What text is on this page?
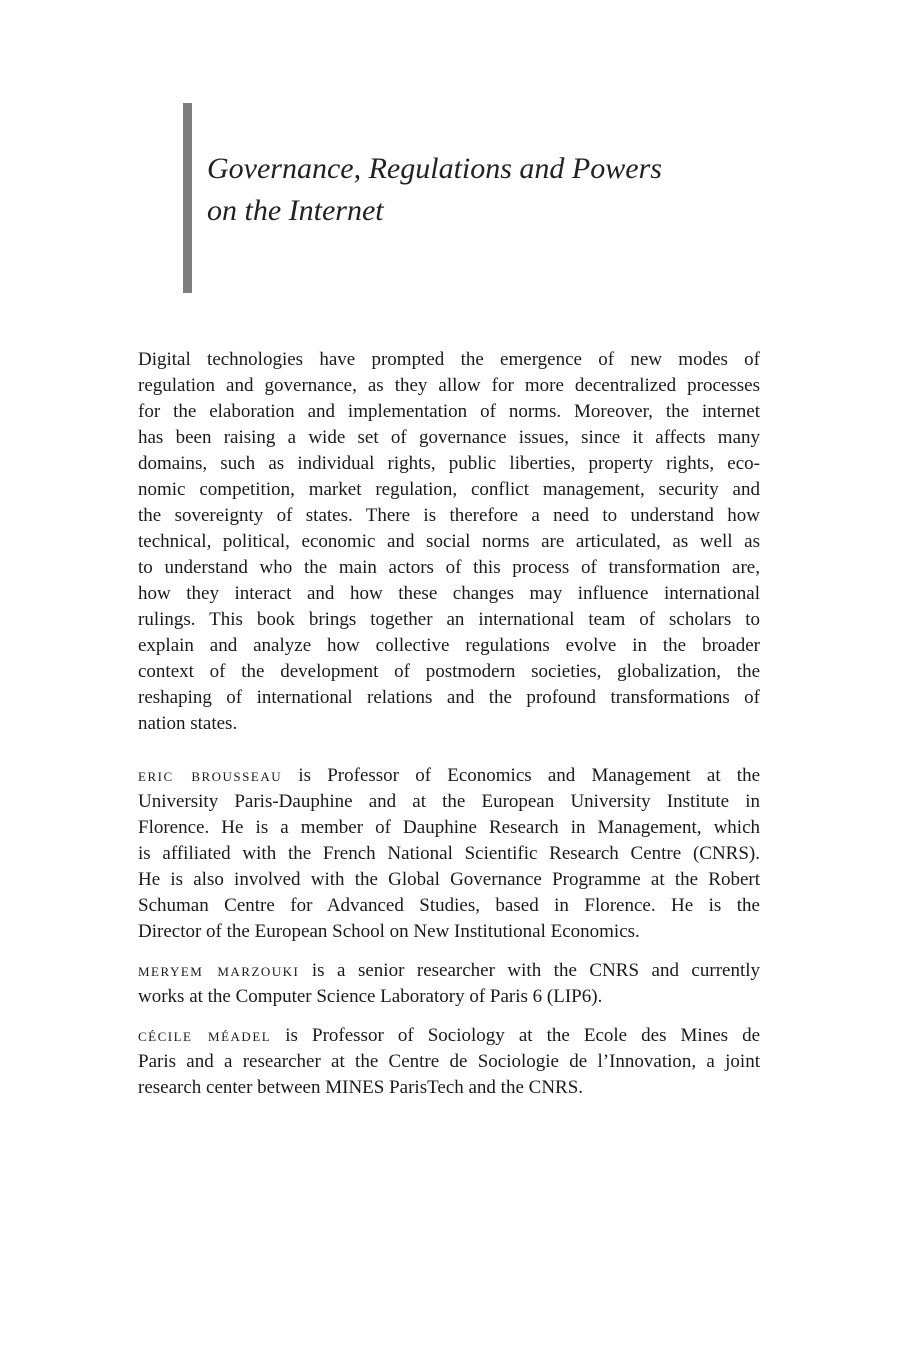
Governance, Regulations and Powers
on the Internet
Digital technologies have prompted the emergence of new modes of
regulation and governance, as they allow for more decentralized processes
for the elaboration and implementation of norms. Moreover, the internet
has been raising a wide set of governance issues, since it affects many
domains, such as individual rights, public liberties, property rights, eco-
nomic competition, market regulation, conflict management, security and
the sovereignty of states. There is therefore a need to understand how
technical, political, economic and social norms are articulated, as well as
to understand who the main actors of this process of transformation are,
how they interact and how these changes may influence international
rulings. This book brings together an international team of scholars to
explain and analyze how collective regulations evolve in the broader
context of the development of postmodern societies, globalization, the
reshaping of international relations and the profound transformations of
nation states.
eric brousseau is Professor of Economics and Management at the
University Paris-Dauphine and at the European University Institute in
Florence. He is a member of Dauphine Research in Management, which
is affiliated with the French National Scientific Research Centre (CNRS).
He is also involved with the Global Governance Programme at the Robert
Schuman Centre for Advanced Studies, based in Florence. He is the
Director of the European School on New Institutional Economics.
meryem marzouki is a senior researcher with the CNRS and currently
works at the Computer Science Laboratory of Paris 6 (LIP6).
cécile méadel is Professor of Sociology at the Ecole des Mines de
Paris and a researcher at the Centre de Sociologie de l’Innovation, a joint
research center between MINES ParisTech and the CNRS.
